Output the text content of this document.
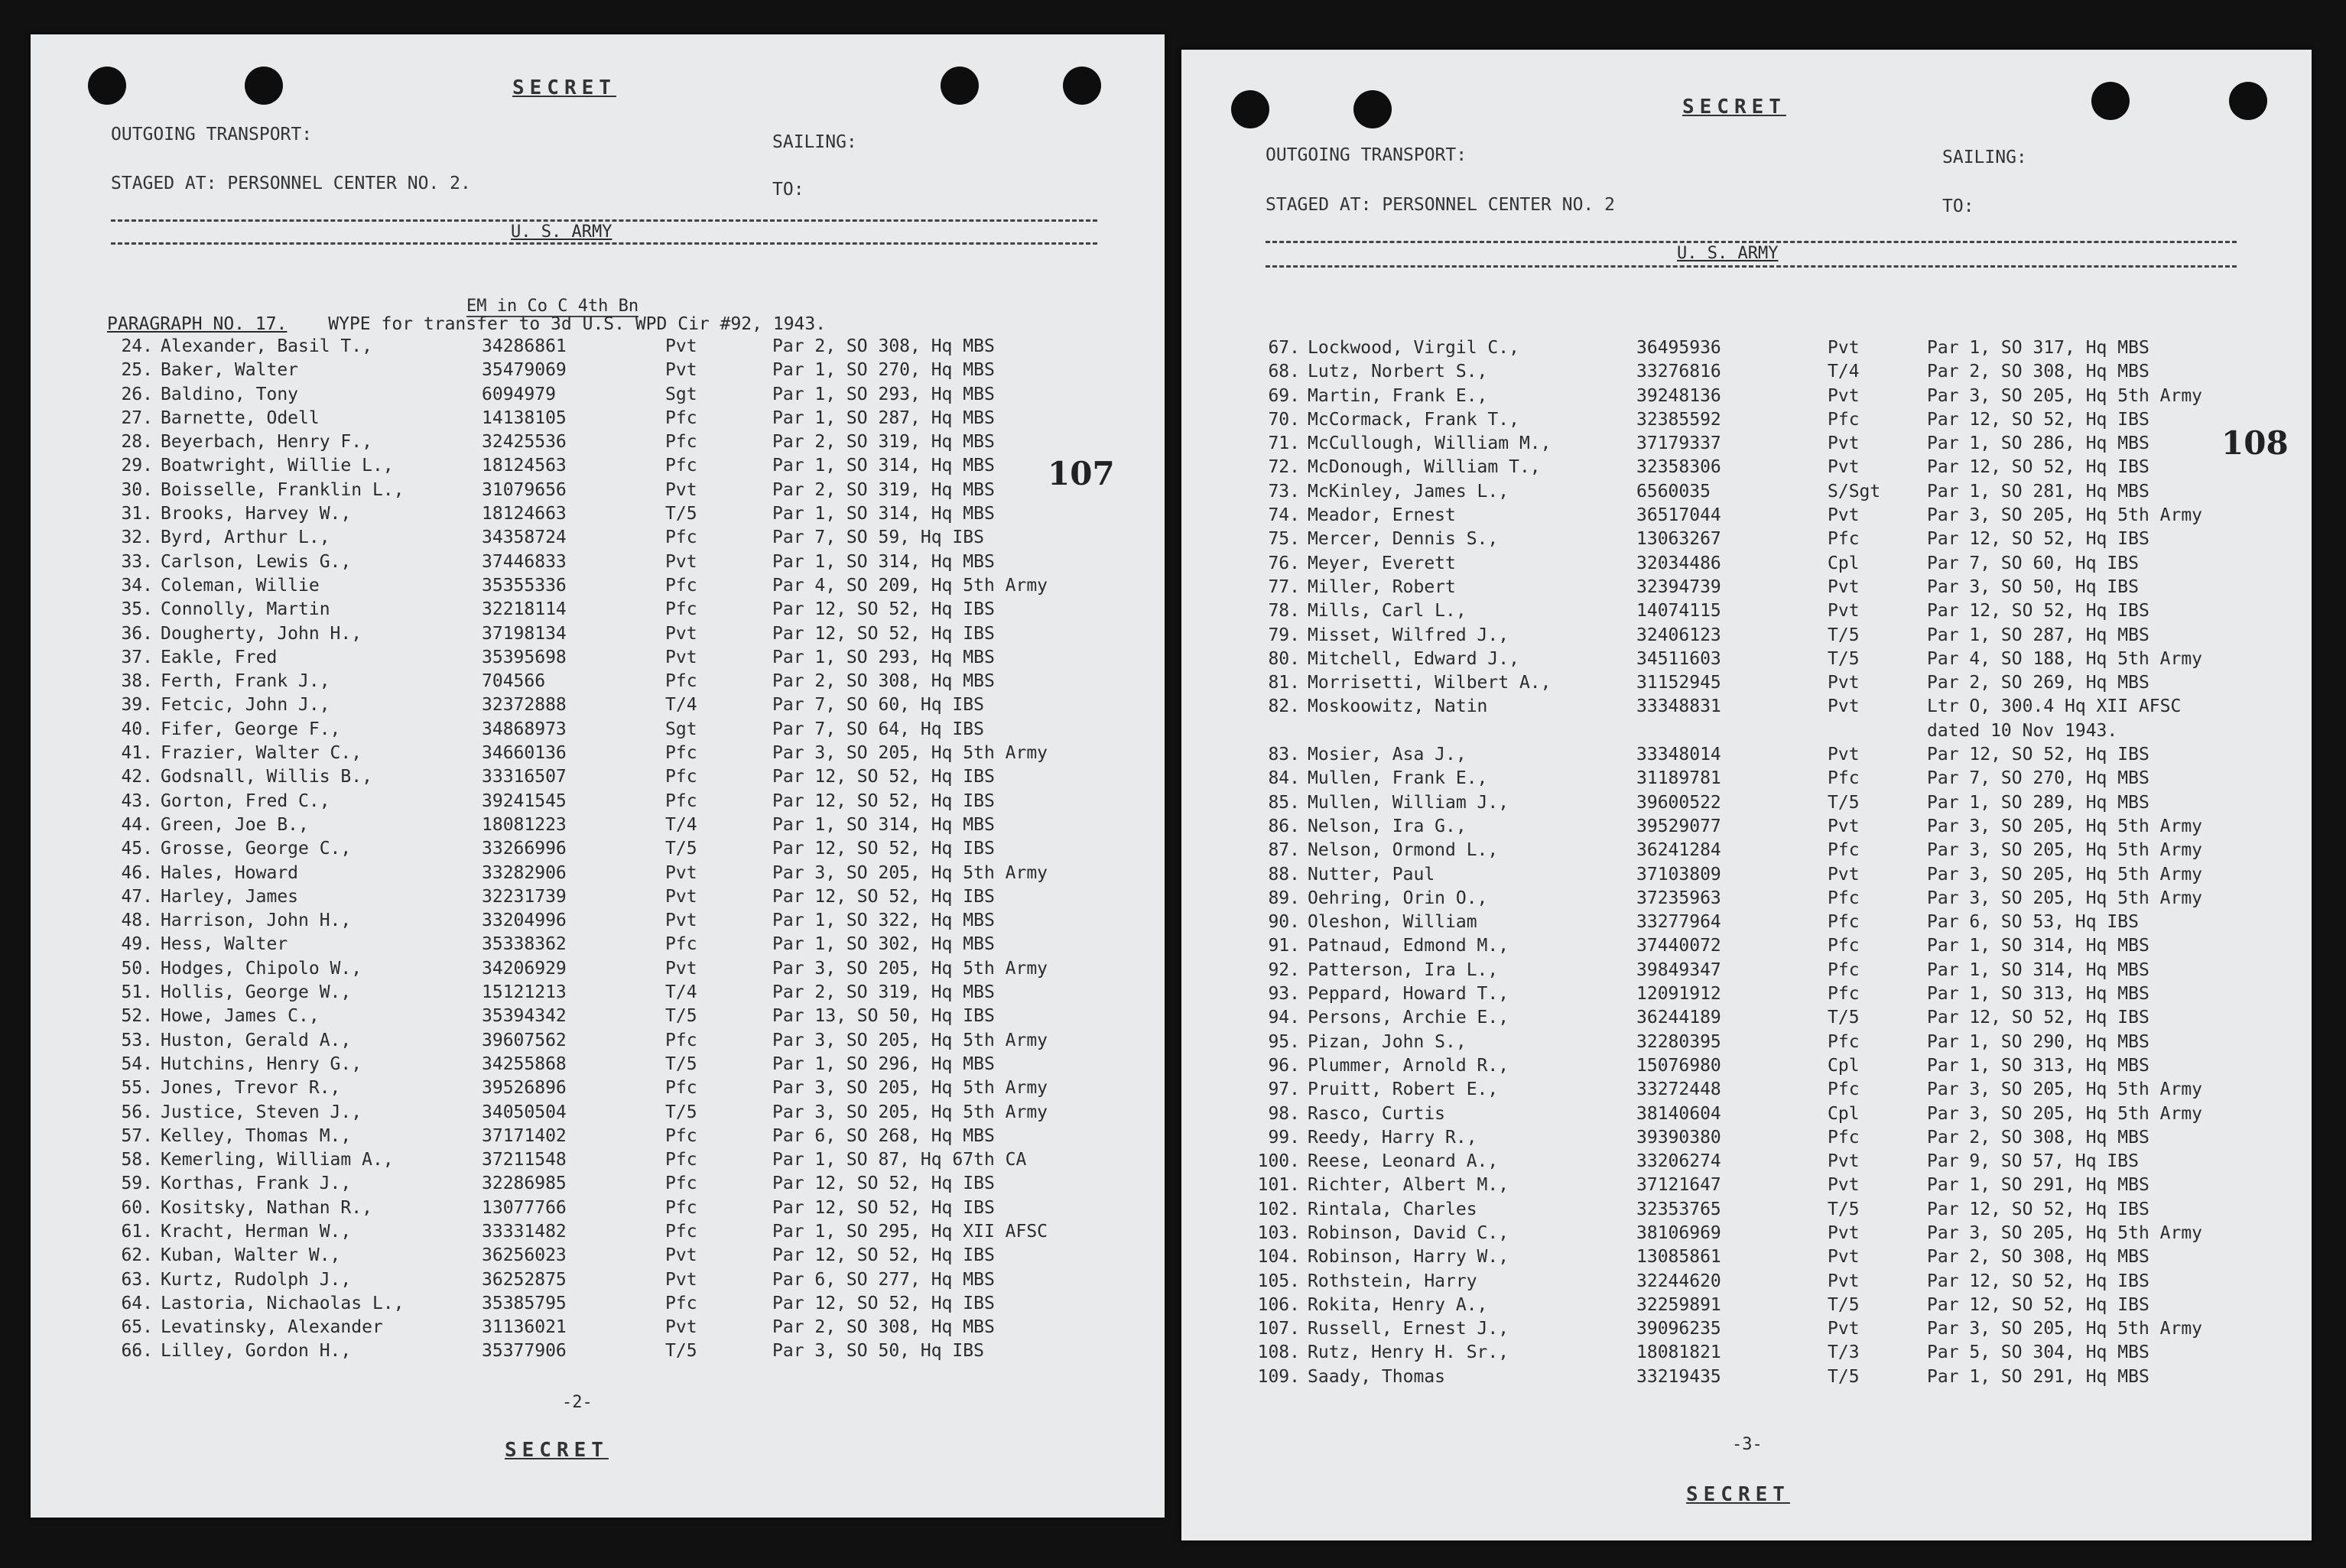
SECRET
OUTGOING TRANSPORT:	SAILING:
STAGED AT: PERSONNEL CENTER NO. 2.	TO:
U. S. ARMY
107
EM in Co C 4th Bn
PARAGRAPH NO. 17. WYPE for transfer to 3d U.S. WPD Cir #92, 1943.
24. Alexander, Basil T.,	34286861	Pvt	Par 2, SO 308, Hq MBS
25. Baker, Walter	35479069	Pvt	Par 1, SO 270, Hq MBS
26. Baldino, Tony	6094979	Sgt	Par 1, SO 293, Hq MBS
27. Barnette, Odell	14138105	Pfc	Par 1, SO 287, Hq MBS
28. Beyerbach, Henry F.,	32425536	Pfc	Par 2, SO 319, Hq MBS
29. Boatwright, Willie L.,	18124563	Pfc	Par 1, SO 314, Hq MBS
30. Boisselle, Franklin L.,	31079656	Pvt	Par 2, SO 319, Hq MBS
31. Brooks, Harvey W.,	18124663	T/5	Par 1, SO 314, Hq MBS
32. Byrd, Arthur L.,	34358724	Pfc	Par 7, SO 59, Hq IBS
33. Carlson, Lewis G.,	37446833	Pvt	Par 1, SO 314, Hq MBS
34. Coleman, Willie	35355336	Pfc	Par 4, SO 209, Hq 5th Army
35. Connolly, Martin	32218114	Pfc	Par 12, SO 52, Hq IBS
36. Dougherty, John H.,	37198134	Pvt	Par 12, SO 52, Hq IBS
37. Eakle, Fred	35395698	Pvt	Par 1, SO 293, Hq MBS
38. Ferth, Frank J.,	704566	Pfc	Par 2, SO 308, Hq MBS
39. Fetcic, John J.,	32372888	T/4	Par 7, SO 60, Hq IBS
40. Fifer, George F.,	34868973	Sgt	Par 7, SO 64, Hq IBS
41. Frazier, Walter C.,	34660136	Pfc	Par 3, SO 205, Hq 5th Army
42. Godsnall, Willis B.,	33316507	Pfc	Par 12, SO 52, Hq IBS
43. Gorton, Fred C.,	39241545	Pfc	Par 12, SO 52, Hq IBS
44. Green, Joe B.,	18081223	T/4	Par 1, SO 314, Hq MBS
45. Grosse, George C.,	33266996	T/5	Par 12, SO 52, Hq IBS
46. Hales, Howard	33282906	Pvt	Par 3, SO 205, Hq 5th Army
47. Harley, James	32231739	Pvt	Par 12, SO 52, Hq IBS
48. Harrison, John H.,	33204996	Pvt	Par 1, SO 322, Hq MBS
49. Hess, Walter	35338362	Pfc	Par 1, SO 302, Hq MBS
50. Hodges, Chipolo W.,	34206929	Pvt	Par 3, SO 205, Hq 5th Army
51. Hollis, George W.,	15121213	T/4	Par 2, SO 319, Hq MBS
52. Howe, James C.,	35394342	T/5	Par 13, SO 50, Hq IBS
53. Huston, Gerald A.,	39607562	Pfc	Par 3, SO 205, Hq 5th Army
54. Hutchins, Henry G.,	34255868	T/5	Par 1, SO 296, Hq MBS
55. Jones, Trevor R.,	39526896	Pfc	Par 3, SO 205, Hq 5th Army
56. Justice, Steven J.,	34050504	T/5	Par 3, SO 205, Hq 5th Army
57. Kelley, Thomas M.,	37171402	Pfc	Par 6, SO 268, Hq MBS
58. Kemerling, William A.,	37211548	Pfc	Par 1, SO 87, Hq 67th CA
59. Korthas, Frank J.,	32286985	Pfc	Par 12, SO 52, Hq IBS
60. Kositsky, Nathan R.,	13077766	Pfc	Par 12, SO 52, Hq IBS
61. Kracht, Herman W.,	33331482	Pfc	Par 1, SO 295, Hq XII AFSC
62. Kuban, Walter W.,	36256023	Pvt	Par 12, SO 52, Hq IBS
63. Kurtz, Rudolph J.,	36252875	Pvt	Par 6, SO 277, Hq MBS
64. Lastoria, Nichaolas L.,	35385795	Pfc	Par 12, SO 52, Hq IBS
65. Levatinsky, Alexander	31136021	Pvt	Par 2, SO 308, Hq MBS
66. Lilley, Gordon H.,	35377906	T/5	Par 3, SO 50, Hq IBS
-2-
SECRET
SECRET
OUTGOING TRANSPORT:	SAILING:
STAGED AT: PERSONNEL CENTER NO. 2	TO:
U. S. ARMY
108
67. Lockwood, Virgil C.,	36495936	Pvt	Par 1, SO 317, Hq MBS
68. Lutz, Norbert S.,	33276816	T/4	Par 2, SO 308, Hq MBS
69. Martin, Frank E.,	39248136	Pvt	Par 3, SO 205, Hq 5th Army
70. McCormack, Frank T.,	32385592	Pfc	Par 12, SO 52, Hq IBS
71. McCullough, William M.,	37179337	Pvt	Par 1, SO 286, Hq MBS
72. McDonough, William T.,	32358306	Pvt	Par 12, SO 52, Hq IBS
73. McKinley, James L.,	6560035	S/Sgt	Par 1, SO 281, Hq MBS
74. Meador, Ernest	36517044	Pvt	Par 3, SO 205, Hq 5th Army
75. Mercer, Dennis S.,	13063267	Pfc	Par 12, SO 52, Hq IBS
76. Meyer, Everett	32034486	Cpl	Par 7, SO 60, Hq IBS
77. Miller, Robert	32394739	Pvt	Par 3, SO 50, Hq IBS
78. Mills, Carl L.,	14074115	Pvt	Par 12, SO 52, Hq IBS
79. Misset, Wilfred J.,	32406123	T/5	Par 1, SO 287, Hq MBS
80. Mitchell, Edward J.,	34511603	T/5	Par 4, SO 188, Hq 5th Army
81. Morrisetti, Wilbert A.,	31152945	Pvt	Par 2, SO 269, Hq MBS
82. Moskoowitz, Natin	33348831	Pvt	Ltr O, 300.4 Hq XII AFSC
dated 10 Nov 1943.
83. Mosier, Asa J.,	33348014	Pvt	Par 12, SO 52, Hq IBS
84. Mullen, Frank E.,	31189781	Pfc	Par 7, SO 270, Hq MBS
85. Mullen, William J.,	39600522	T/5	Par 1, SO 289, Hq MBS
86. Nelson, Ira G.,	39529077	Pvt	Par 3, SO 205, Hq 5th Army
87. Nelson, Ormond L.,	36241284	Pfc	Par 3, SO 205, Hq 5th Army
88. Nutter, Paul	37103809	Pvt	Par 3, SO 205, Hq 5th Army
89. Oehring, Orin O.,	37235963	Pfc	Par 3, SO 205, Hq 5th Army
90. Oleshon, William	33277964	Pfc	Par 6, SO 53, Hq IBS
91. Patnaud, Edmond M.,	37440072	Pfc	Par 1, SO 314, Hq MBS
92. Patterson, Ira L.,	39849347	Pfc	Par 1, SO 314, Hq MBS
93. Peppard, Howard T.,	12091912	Pfc	Par 1, SO 313, Hq MBS
94. Persons, Archie E.,	36244189	T/5	Par 12, SO 52, Hq IBS
95. Pizan, John S.,	32280395	Pfc	Par 1, SO 290, Hq MBS
96. Plummer, Arnold R.,	15076980	Cpl	Par 1, SO 313, Hq MBS
97. Pruitt, Robert E.,	33272448	Pfc	Par 3, SO 205, Hq 5th Army
98. Rasco, Curtis	38140604	Cpl	Par 3, SO 205, Hq 5th Army
99. Reedy, Harry R.,	39390380	Pfc	Par 2, SO 308, Hq MBS
100. Reese, Leonard A.,	33206274	Pvt	Par 9, SO 57, Hq IBS
101. Richter, Albert M.,	37121647	Pvt	Par 1, SO 291, Hq MBS
102. Rintala, Charles	32353765	T/5	Par 12, SO 52, Hq IBS
103. Robinson, David C.,	38106969	Pvt	Par 3, SO 205, Hq 5th Army
104. Robinson, Harry W.,	13085861	Pvt	Par 2, SO 308, Hq MBS
105. Rothstein, Harry	32244620	Pvt	Par 12, SO 52, Hq IBS
106. Rokita, Henry A.,	32259891	T/5	Par 12, SO 52, Hq IBS
107. Russell, Ernest J.,	39096235	Pvt	Par 3, SO 205, Hq 5th Army
108. Rutz, Henry H. Sr.,	18081821	T/3	Par 5, SO 304, Hq MBS
109. Saady, Thomas	33219435	T/5	Par 1, SO 291, Hq MBS
-3-
SECRET
